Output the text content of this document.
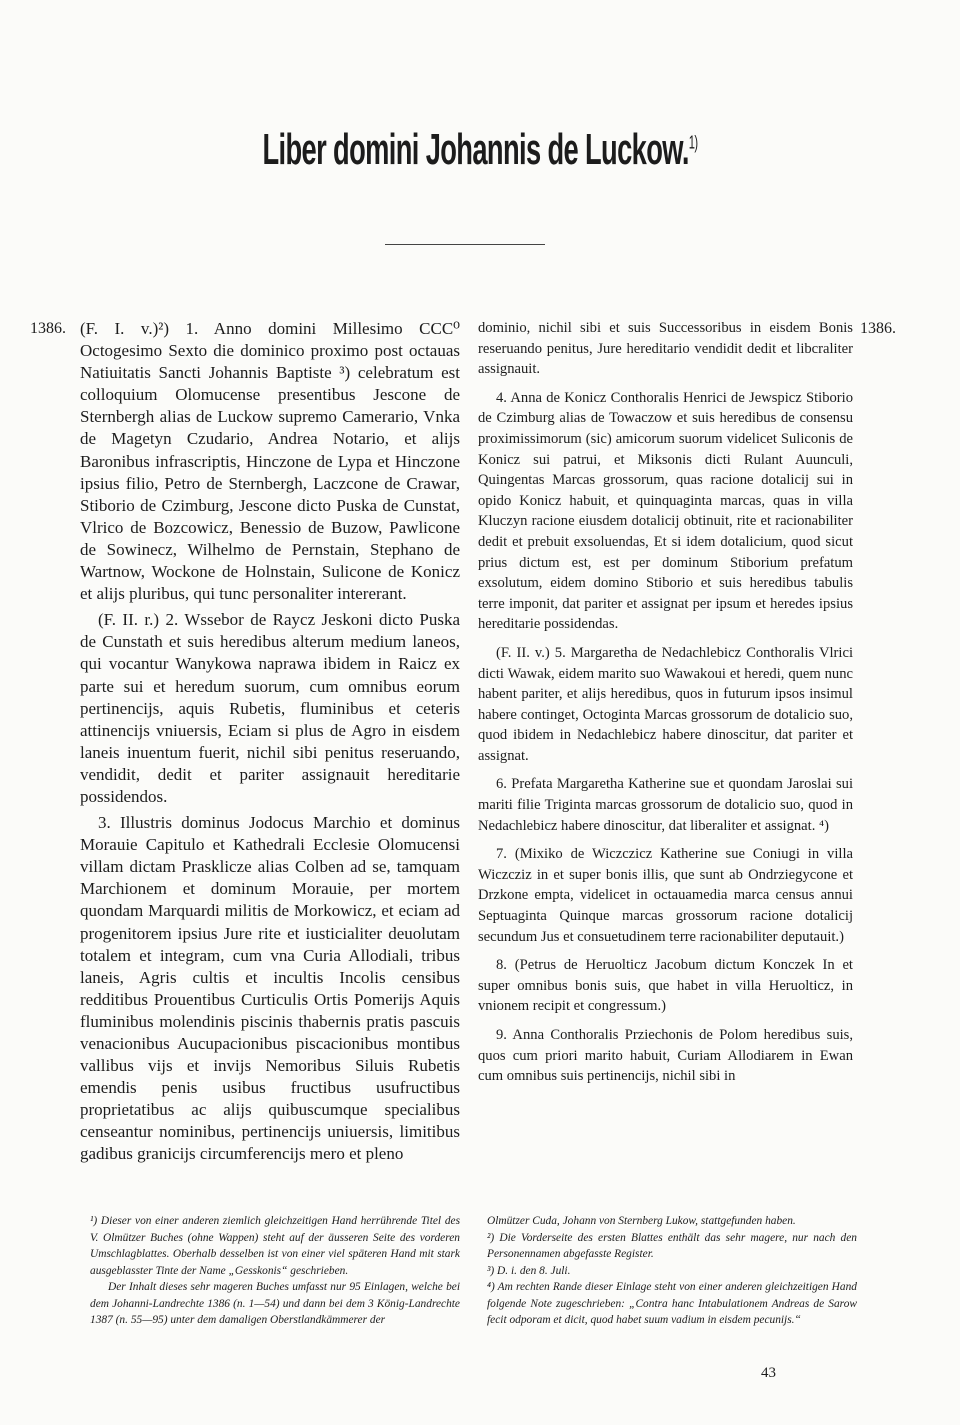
Liber domini Johannis de Luckow.$^{1)}$
1386.	1386.

(F. I. v.)²) 1. Anno domini Millesimo CCC⁰ Octogesimo Sexto die dominico proximo post octauas Natiuitatis Sancti Johannis Baptiste ³) celebratum est colloquium Olomucense presentibus Jescone de Sternbergh alias de Luckow supremo Camerario, Vnka de Magetyn Czudario, Andrea Notario, et alijs Baronibus infrascriptis, Hinczone de Lypa et Hinczone ipsius filio, Petro de Sternbergh, Laczcone de Crawar, Stiborio de Czimburg, Jescone dicto Puska de Cunstat, Vlrico de Bozcowicz, Benessio de Buzow, Pawlicone de Sowinecz, Wilhelmo de Pernstain, Stephano de Wartnow, Wockone de Holnstain, Sulicone de Konicz et alijs pluribus, qui tunc personaliter intererant.

(F. II. r.) 2. Wssebor de Raycz Jeskoni dicto Puska de Cunstath et suis heredibus alterum medium laneos, qui vocantur Wanykowa naprawa ibidem in Raicz ex parte sui et heredum suorum, cum omnibus eorum pertinencijs, aquis Rubetis, fluminibus et ceteris attinencijs vniuersis, Eciam si plus de Agro in eisdem laneis inuentum fuerit, nichil sibi penitus reseruando, vendidit, dedit et pariter assignauit hereditarie possidendos.

3. Illustris dominus Jodocus Marchio et dominus Morauie Capitulo et Kathedrali Ecclesie Olomucensi villam dictam Prasklicze alias Colben ad se, tamquam Marchionem et dominum Morauie, per mortem quondam Marquardi militis de Morkowicz, et eciam ad progenitorem ipsius Jure rite et iusticialiter deuolutam totalem et integram, cum vna Curia Allodiali, tribus laneis, Agris cultis et incultis Incolis censibus redditibus Prouentibus Curticulis Ortis Pomerijs Aquis fluminibus molendinis piscinis thabernis pratis pascuis venacionibus Aucupacionibus piscacionibus montibus vallibus vijs et invijs Nemoribus Siluis Rubetis emendis penis usibus fructibus usufructibus proprietatibus ac alijs quibuscumque specialibus censeantur nominibus, pertinencijs uniuersis, limitibus gadibus granicijs circumferencijs mero et pleno

dominio, nichil sibi et suis Successoribus in eisdem Bonis reseruando penitus, Jure hereditario vendidit dedit et libcraliter assignauit.

4. Anna de Konicz Conthoralis Henrici de Jewspicz Stiborio de Czimburg alias de Towaczow et suis heredibus de consensu proximissimorum (sic) amicorum suorum videlicet Suliconis de Konicz sui patrui, et Miksonis dicti Rulant Auunculi, Quingentas Marcas grossorum, quas racione dotalicij sui in opido Konicz habuit, et quinquaginta marcas, quas in villa Kluczyn racione eiusdem dotalicij obtinuit, rite et racionabiliter dedit et prebuit exsoluendas, Et si idem dotalicium, quod sicut prius dictum est, est per dominum Stiborium prefatum exsolutum, eidem domino Stiborio et suis heredibus tabulis terre imponit, dat pariter et assignat per ipsum et heredes ipsius hereditarie possidendas.

(F. II. v.) 5. Margaretha de Nedachlebicz Conthoralis Vlrici dicti Wawak, eidem marito suo Wawakoui et heredi, quem nunc habent pariter, et alijs heredibus, quos in futurum ipsos insimul habere continget, Octoginta Marcas grossorum de dotalicio suo, quod ibidem in Nedachlebicz habere dinoscitur, dat pariter et assignat.

6. Prefata Margaretha Katherine sue et quondam Jaroslai sui mariti filie Triginta marcas grossorum de dotalicio suo, quod in Nedachlebicz habere dinoscitur, dat liberaliter et assignat. ⁴)

7. (Mixiko de Wiczczicz Katherine sue Coniugi in villa Wiczcziz in et super bonis illis, que sunt ab Ondrziegycone et Drzkone empta, videlicet in octauamedia marca census annui Septuaginta Quinque marcas grossorum racione dotalicij secundum Jus et consuetudinem terre racionabiliter deputauit.)

8. (Petrus de Heruolticz Jacobum dictum Konczek In et super omnibus bonis suis, que habet in villa Heruolticz, in vnionem recipit et congressum.)

9. Anna Conthoralis Prziechonis de Polom heredibus suis, quos cum priori marito habuit, Curiam Allodiarem in Ewan cum omnibus suis pertinencijs, nichil sibi in

¹) Dieser von einer anderen ziemlich gleichzeitigen Hand herrührende Titel des V. Olmützer Buches (ohne Wappen) steht auf der äusseren Seite des vorderen Umschlagblattes. Oberhalb desselben ist von einer viel späteren Hand mit stark ausgeblasster Tinte der Name „Gesskonis“ geschrieben.

Der Inhalt dieses sehr mageren Buches umfasst nur 95 Einlagen, welche bei dem Johanni-Landrechte 1386 (n. 1—54) und dann bei dem 3 König-Landrechte 1387 (n. 55—95) unter dem damaligen Oberstlandkämmerer der

Olmützer Cuda, Johann von Sternberg Lukow, stattgefunden haben.

²) Die Vorderseite des ersten Blattes enthält das sehr magere, nur nach den Personennamen abgefasste Register.

³) D. i. den 8. Juli.

⁴) Am rechten Rande dieser Einlage steht von einer anderen gleichzeitigen Hand folgende Note zugeschrieben: „Contra hanc Intabulationem Andreas de Sarow fecit odporam et dicit, quod habet suum vadium in eisdem pecunijs.“

43
